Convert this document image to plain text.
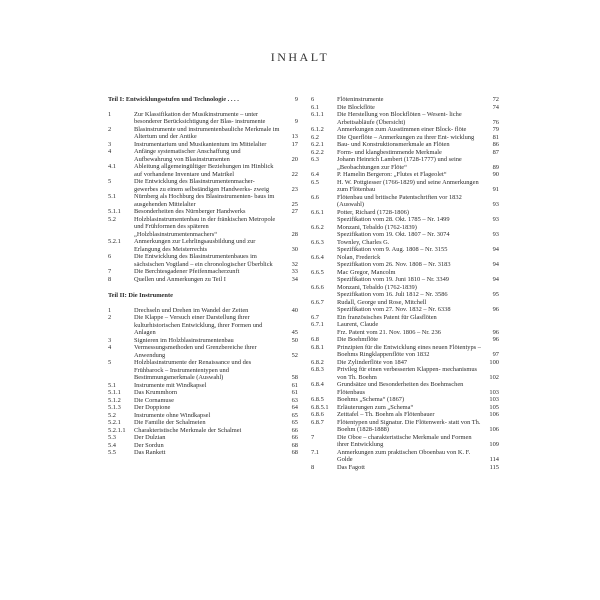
INHALT
Teil I: Entwicklungsstufen und Technologie . . . .	9
1	Zur Klassifikation der Musikinstrumente – unter besonderer Berücksichtigung der Blas- instrumente	9
2	Blasinstrumente und instrumentenbauliche Merkmale im Altertum und der Antike	13
3	Instrumentarium und Musikantentum im Mittelalter	17
4	Anfänge systematischer Anschaffung und Aufbewahrung von Blasinstrumenten	20
4.1	Ableitung allgemeingültiger Beziehungen im Hinblick auf vorhandene Inventare und Matrikel	22
5	Die Entwicklung des Blasinstrumentenmacher- gewerbes zu einem selbständigen Handwerks- zweig	23
5.1	Nürnberg als Hochburg des Blasinstrumenten- baus im ausgehenden Mittelalter	25
5.1.1	Besonderheiten des Nürnberger Handwerks	27
5.2	Holzblasinstrumentenbau in der fränkischen Metropole und Frühformen des späteren „Holzblasinstrumentenmachers“	28
5.2.1	Anmerkungen zur Lehrlingsausbildung und zur Erlangung des Meisterrechts	30
6	Die Entwicklung des Blasinstrumentenbaues im sächsischen Vogtland – ein chronologischer Überblick	32
7	Die Berchtesgadener Pfeifenmacherzunft	33
8	Quellen und Anmerkungen zu Teil I	34
Teil II: Die Instrumente
1	Drechseln und Drehen im Wandel der Zeiten	40
2	Die Klappe – Versuch einer Darstellung ihrer kulturhistorischen Entwicklung, ihrer Formen und Anlagen	45
3	Signieren im Holzblasinstrumentenbau	50
4	Vermessungsmethoden und Grenzbereiche ihrer Anwendung	52
5	Holzblasinstrumente der Renaissance und des Frühbarock – Instrumententypen und Bestimmungsmerkmale (Auswahl)	58
5.1	Instrumente mit Windkapsel	61
5.1.1	Das Krummhorn	61
5.1.2	Die Cornamuse	63
5.1.3	Der Doppione	64
5.2	Instrumente ohne Windkapsel	65
5.2.1	Die Familie der Schalmeien	65
5.2.1.1	Charakteristische Merkmale der Schalmei	66
5.3	Der Dulzian	66
5.4	Der Sordun	68
5.5	Das Rankett	68
6	Flöteninstrumente	72
6.1	Die Blockflöte	74
6.1.1	Die Herstellung von Blockflöten – Wesent- liche Arbeitsabläufe (Übersicht)	76
6.1.2	Anmerkungen zum Ausstimmen einer Block- flöte	79
6.2	Die Querflöte – Anmerkungen zu ihrer Ent- wicklung	81
6.2.1	Bau- und Konstruktionsmerkmale an Flöten	86
6.2.2	Form- und klangbestimmende Merkmale	87
6.3	Johann Heinrich Lambert (1728-1777) und seine „Beobachtungen zur Flöte“	89
6.4	P. Hamelin Bergeron: „Flutes et Flageolet“	90
6.5	H. W. Pottgiesser (1766-1829) und seine Anmerkungen zum Flötenbau	91
6.6	Flötenbau und britische Patentschriften vor 1832 (Auswahl)	93
6.6.1	Potter, Richard (1728-1806)
Spezifikation vom 28. Okt. 1785 – Nr. 1499	93
6.6.2	Monzani, Tebaldo (1762-1839)
Spezifikation vom 19. Okt. 1807 – Nr. 3074	93
6.6.3	Townley, Charles G.
Spezifikation vom 9. Aug. 1808 – Nr. 3155	94
6.6.4	Nolan, Frederick
Spezifikation vom 26. Nov. 1808 – Nr. 3183	94
6.6.5	Mac Gregor, Mancolm
Spezifikation vom 19. Juni 1810 – Nr. 3349	94
6.6.6	Monzani, Tebaldo (1762-1839)
Spezifikation vom 16. Juli 1812 – Nr. 3586	95
6.6.7	Rudall, George und Rose, Mitchell
Spezifikation vom 27. Nov. 1832 – Nr. 6338	96
6.7	Ein französisches Patent für Glasflöten
6.7.1	Laurent, Claude
Frz. Patent vom 21. Nov. 1806 – Nr. 236	96
6.8	Die Boehmflöte	96
6.8.1	Prinzipien für die Entwicklung eines neuen Flötentyps – Boehms Ringklappenflöte von 1832	97
6.8.2	Die Zylinderflöte von 1847	100
6.8.3	Privileg für einen verbesserten Klappen- mechanismus von Th. Boehm	102
6.8.4	Grundsätze und Besonderheiten des Boehmschen Flötenbaus	103
6.8.5	Boehms „Schema“ (1867)	103
6.8.5.1	Erläuterungen zum „Schema“	105
6.8.6	Zeittafel – Th. Boehm als Flötenbauer	106
6.8.7	Flötentypen und Signatur. Die Flötenwerk- statt von Th. Boehm (1828-1888)	106
7	Die Oboe – charakteristische Merkmale und Formen ihrer Entwicklung	109
7.1	Anmerkungen zum praktischen Oboenbau von K. F. Golde	114
8	Das Fagott	115
